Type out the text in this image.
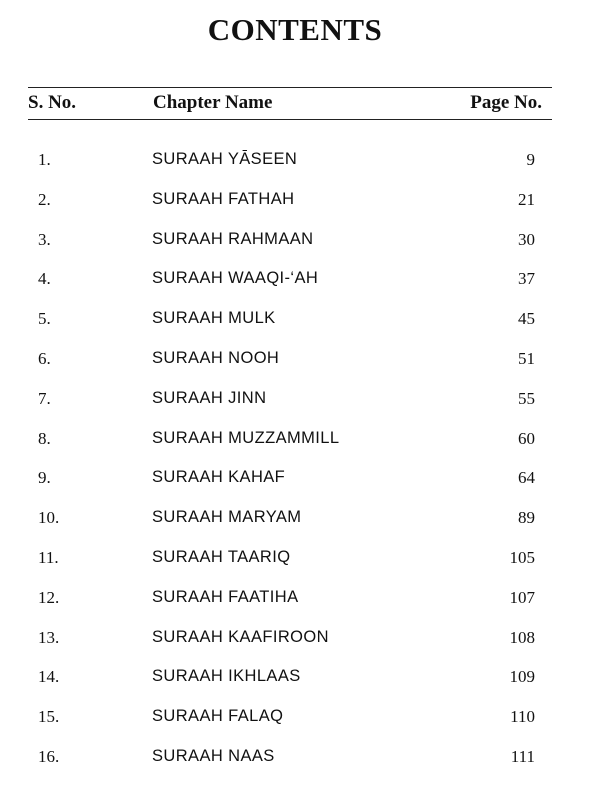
CONTENTS
S. No.	Chapter Name	Page No.
1.	SURAAH YĀSEEN	9
2.	SURAAH FATHAH	21
3.	SURAAH RAHMAAN	30
4.	SURAAH WAAQI-‘AH	37
5.	SURAAH MULK	45
6.	SURAAH NOOH	51
7.	SURAAH JINN	55
8.	SURAAH MUZZAMMILL	60
9.	SURAAH KAHAF	64
10.	SURAAH MARYAM	89
11.	SURAAH TAARIQ	105
12.	SURAAH FAATIHA	107
13.	SURAAH KAAFIROON	108
14.	SURAAH IKHLAAS	109
15.	SURAAH FALAQ	110
16.	SURAAH NAAS	111
